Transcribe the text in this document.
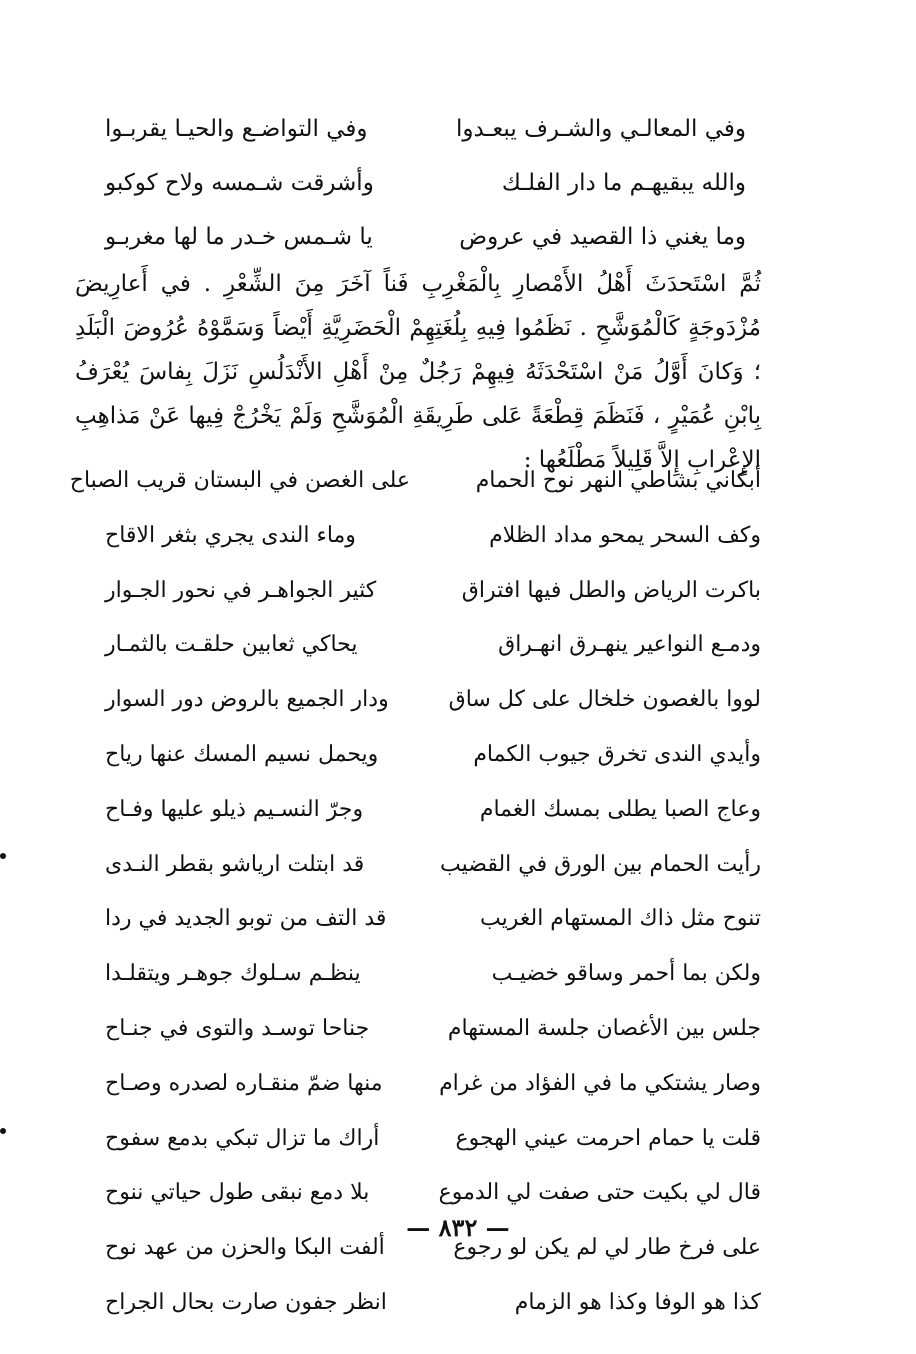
وفي المعالـي والشـرف يبعـدوا
وفي التواضـع والحيـا يقربـوا
والله يبقيهـم ما دار الفلـك
وأشرقت شـمسه ولاح كوكبو
وما يغني ذا القصيد في عروض
يا شـمس خـدر ما لها مغربـو
ثُمَّ اسْتَحدَثَ أَهْلُ الأَمْصارِ بِالْمَغْرِبِ فَناً آخَرَ مِنَ الشِّعْرِ . في أَعارِيضَ مُزْدَوجَةٍ كَالْمُوَشَّحِ . نَظَمُوا فِيهِ بِلُغَتِهِمْ الْحَضَرِيَّةِ أَيْضاً وَسَمَّوْهُ عُرُوضَ الْبَلَدِ ؛ وَكانَ أَوَّلُ مَنْ اسْتَحْدَثَهُ فِيهِمْ رَجُلٌ مِنْ أَهْلِ الأَنْدَلُسِ نَزَلَ بِفاسَ يُعْرَفُ بِابْنِ عُمَيْرٍ ، فَنَظَمَ قِطْعَةً عَلى طَرِيقَةِ الْمُوَشَّحِ وَلَمْ يَخْرُجْ فِيها عَنْ مَذاهِبِ الإِعْرابِ إِلاَّ قَلِيلاً مَطْلَعُها :
أبكاني بشاطي النهر نوح الحمام
على الغصن في البستان قريب الصباح
وكف السحر يمحو مداد الظلام
وماء الندى يجري بثغر الاقاح
باكرت الرياض والطل فيها افتراق
كثير الجواهـر في نحور الجـوار
ودمـع النواعير ينهـرق انهـراق
يحاكي ثعابين حلقـت بالثمـار
لووا بالغصون خلخال على كل ساق
ودار الجميع بالروض دور السوار
وأيدي الندى تخرق جيوب الكمام
ويحمل نسيم المسك عنها رياح
وعاج الصبا يطلى بمسك الغمام
وجرّ النسـيم ذيلو عليها وفـاح
رأيت الحمام بين الورق في القضيب
قد ابتلت ارياشو بقطر النـدى
تنوح مثل ذاك المستهام الغريب
قد التف من توبو الجديد في ردا
ولكن بما أحمر وساقو خضيـب
ينظـم سـلوك جوهـر ويتقلـدا
جلس بين الأغصان جلسة المستهام
جناحا توسـد والتوى في جنـاح
وصار يشتكي ما في الفؤاد من غرام
منها ضمّ منقـاره لصدره وصـاح
قلت يا حمام احرمت عيني الهجوع
أراك ما تزال تبكي بدمع سفوح
قال لي بكيت حتى صفت لي الدموع
بلا دمع نبقى طول حياتي ننوح
على فرخ طار لي لم يكن لو رجوع
ألفت البكا والحزن من عهد نوح
كذا هو الوفا وكذا هو الزمام
انظر جفون صارت بحال الجراح
— ٨٣٢ —
